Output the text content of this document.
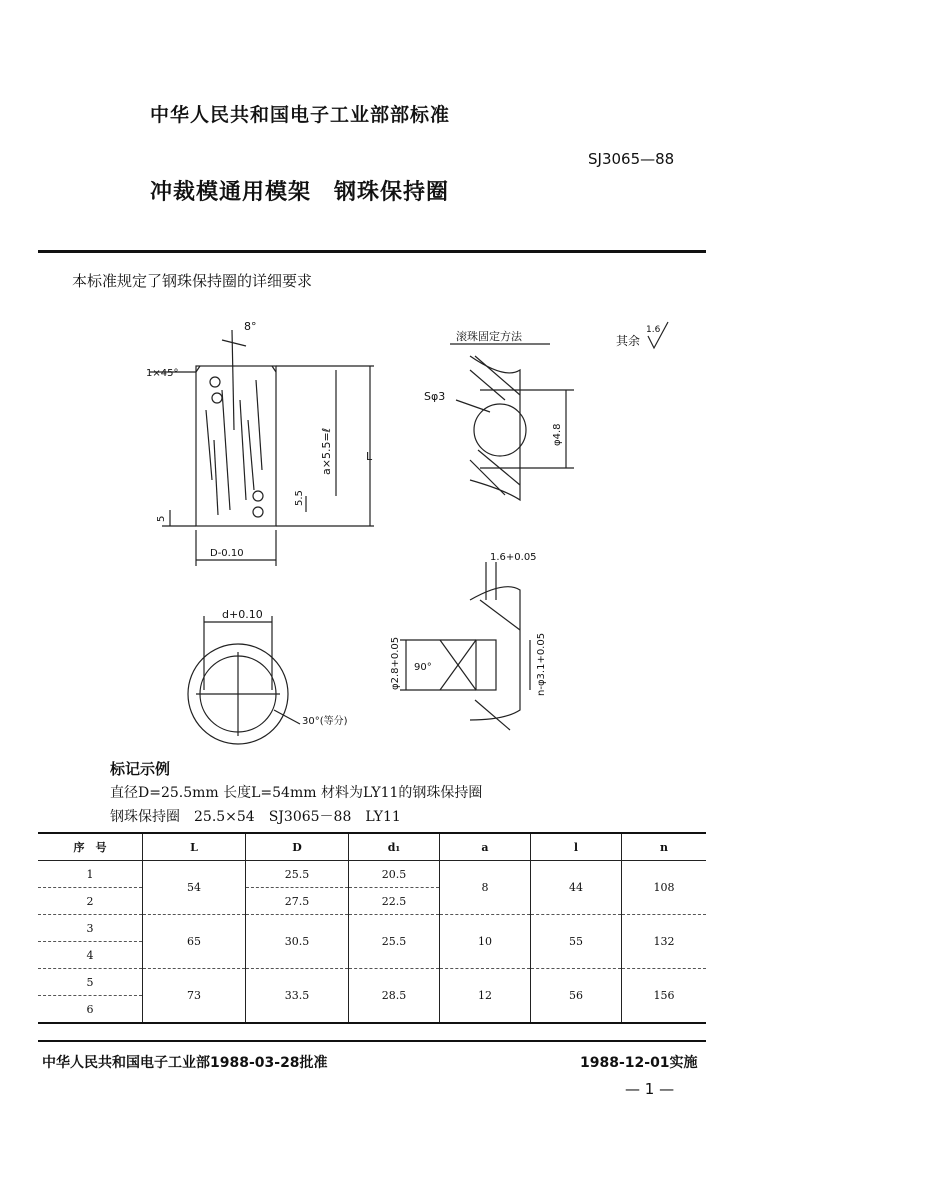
中华人民共和国电子工业部部标准
SJ3065—88
冲裁模通用模架　钢珠保持圈
本标准规定了钢珠保持圈的详细要求
8°
1×45°
a×5.5=ℓ
5.5
L
5
D-0.10
滚珠固定方法	其余
1.6
Sφ3
φ4.8
d+0.10
30°(等分)
1.6+0.05
φ2.8+0.05 90°	n-φ3.1+0.05
标记示例
直径D=25.5mm 长度L=54mm 材料为LY11的钢珠保持圈
钢珠保持圈　25.5×54　SJ3065－88　LY11
序　号	L	D	d₁	a	l	n
1	54	25.5	20.5	8	44	108
2		27.5	22.5			
3	65	30.5	25.5	10	55	132
4						
5	73	33.5	28.5	12	56	156
6						
中华人民共和国电子工业部1988-03-28批准	1988-12-01实施
— 1 —
